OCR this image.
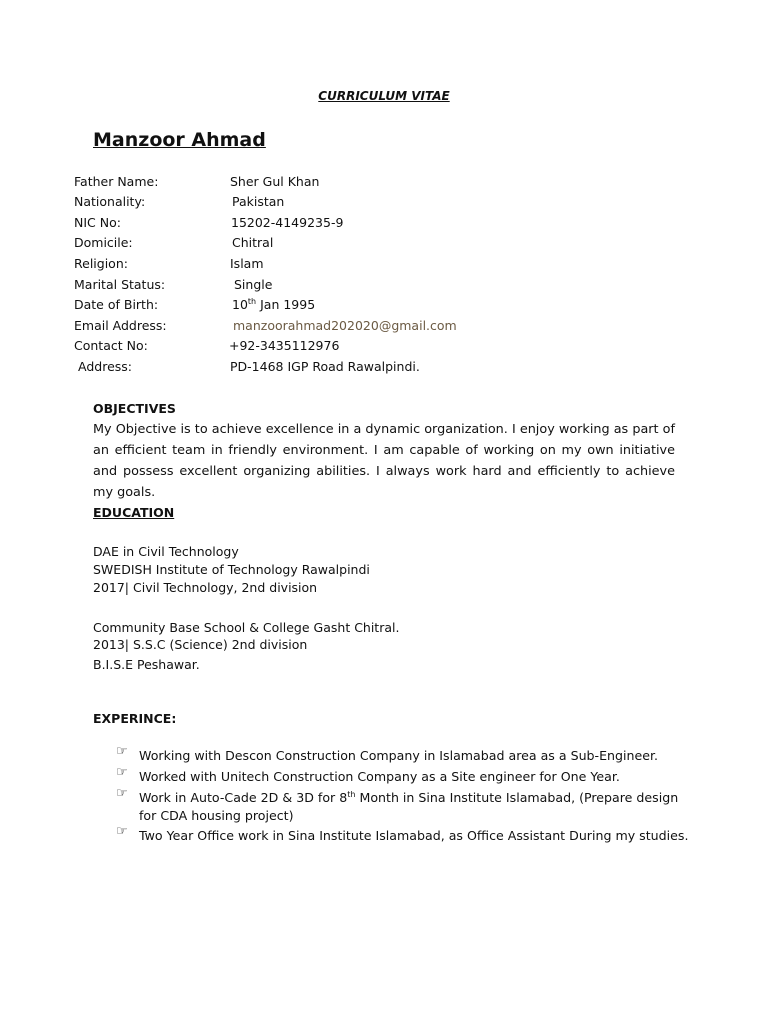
CURRICULUM VITAE
Manzoor Ahmad
Father Name:	Sher Gul Khan
Nationality:	Pakistan
NIC No:	15202-4149235-9
Domicile:	Chitral
Religion:	Islam
Marital Status:	Single
Date of Birth:	10th Jan 1995
Email Address:	manzoorahmad202020@gmail.com
Contact No:	+92-3435112976
Address:	PD-1468 IGP Road Rawalpindi.
OBJECTIVES
My Objective is to achieve excellence in a dynamic organization. I enjoy working as part of an efficient team in friendly environment. I am capable of working on my own initiative and possess excellent organizing abilities. I always work hard and efficiently to achieve my goals.
EDUCATION
DAE in Civil Technology
SWEDISH Institute of Technology Rawalpindi
2017| Civil Technology, 2nd division
Community Base School & College Gasht Chitral.
2013| S.S.C (Science) 2nd division
B.I.S.E Peshawar.
EXPERINCE:
☞ Working with Descon Construction Company in Islamabad area as a Sub-Engineer.
☞ Worked with Unitech Construction Company as a Site engineer for One Year.
☞ Work in Auto-Cade 2D & 3D for 8th Month in Sina Institute Islamabad, (Prepare design
for CDA housing project)
☞ Two Year Office work in Sina Institute Islamabad, as Office Assistant During my studies.
